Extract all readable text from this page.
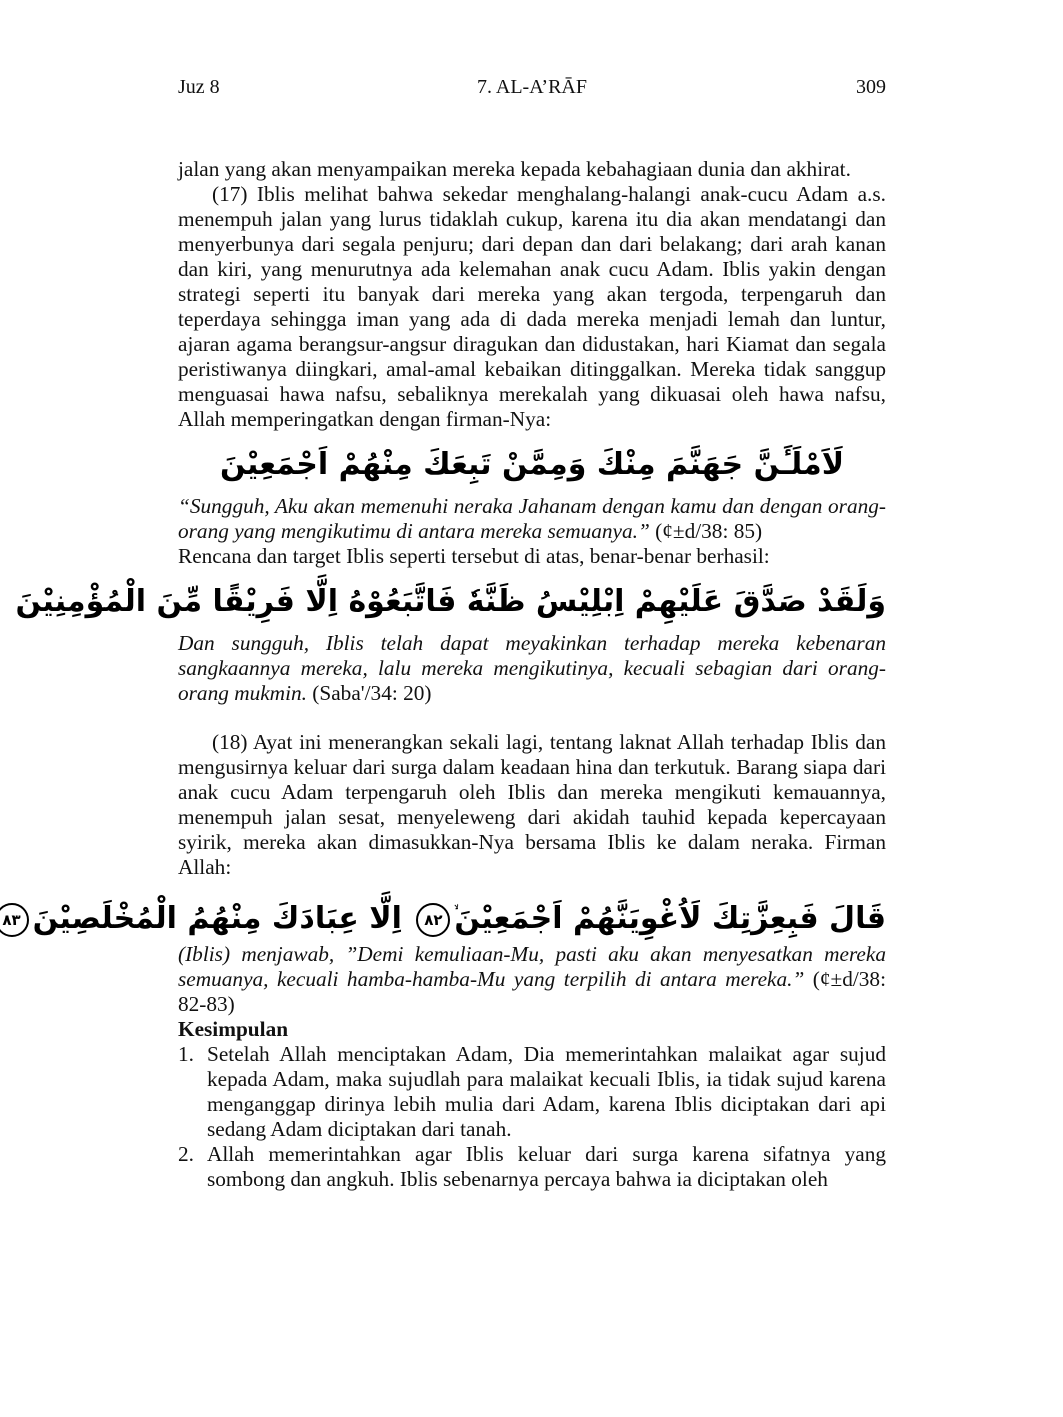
Juz 8	7. AL-A’RĀF	309

jalan yang akan menyampaikan mereka kepada kebahagiaan dunia dan akhirat.

(17) Iblis melihat bahwa sekedar menghalang-halangi anak-cucu Adam a.s. menempuh jalan yang lurus tidaklah cukup, karena itu dia akan mendatangi dan menyerbunya dari segala penjuru; dari depan dan dari belakang; dari arah kanan dan kiri, yang menurutnya ada kelemahan anak cucu Adam. Iblis yakin dengan strategi seperti itu banyak dari mereka yang akan tergoda, terpengaruh dan teperdaya sehingga iman yang ada di dada mereka menjadi lemah dan luntur, ajaran agama berangsur-angsur diragukan dan didustakan, hari Kiamat dan segala peristiwanya diingkari, amal-amal kebaikan ditinggalkan. Mereka tidak sanggup menguasai hawa nafsu, sebaliknya merekalah yang dikuasai oleh hawa nafsu, Allah memperingatkan dengan firman-Nya:

لَاَمْلَـَٔنَّ جَهَنَّمَ مِنْكَ وَمِمَّنْ تَبِعَكَ مِنْهُمْ اَجْمَعِيْنَ

“Sungguh, Aku akan memenuhi neraka Jahanam dengan kamu dan dengan orang-orang yang mengikutimu di antara mereka semuanya.” (¢±d/38: 85)

Rencana dan target Iblis seperti tersebut di atas, benar-benar berhasil:

وَلَقَدْ صَدَّقَ عَلَيْهِمْ اِبْلِيْسُ ظَنَّهٗ فَاتَّبَعُوْهُ اِلَّا فَرِيْقًا مِّنَ الْمُؤْمِنِيْنَ

Dan sungguh, Iblis telah dapat meyakinkan terhadap mereka kebenaran sangkaannya mereka, lalu mereka mengikutinya, kecuali sebagian dari orang-orang mukmin. (Saba'/34: 20)

(18) Ayat ini menerangkan sekali lagi, tentang laknat Allah terhadap Iblis dan mengusirnya keluar dari surga dalam keadaan hina dan terkutuk. Barang siapa dari anak cucu Adam terpengaruh oleh Iblis dan mereka mengikuti kemauannya, menempuh jalan sesat, menyeleweng dari akidah tauhid kepada kepercayaan syirik, mereka akan dimasukkan-Nya bersama Iblis ke dalam neraka. Firman Allah:

قَالَ فَبِعِزَّتِكَ لَاُغْوِيَنَّهُمْ اَجْمَعِيْنَ٨٢ اِلَّا عِبَادَكَ مِنْهُمُ الْمُخْلَصِيْنَ٨٣

(Iblis) menjawab, ”Demi kemuliaan-Mu, pasti aku akan menyesatkan mereka semuanya, kecuali hamba-hamba-Mu yang terpilih di antara mereka.” (¢±d/38: 82-83)

Kesimpulan

1. Setelah Allah menciptakan Adam, Dia memerintahkan malaikat agar sujud kepada Adam, maka sujudlah para malaikat kecuali Iblis, ia tidak sujud karena menganggap dirinya lebih mulia dari Adam, karena Iblis diciptakan dari api sedang Adam diciptakan dari tanah.
2. Allah memerintahkan agar Iblis keluar dari surga karena sifatnya yang sombong dan angkuh. Iblis sebenarnya percaya bahwa ia diciptakan oleh
